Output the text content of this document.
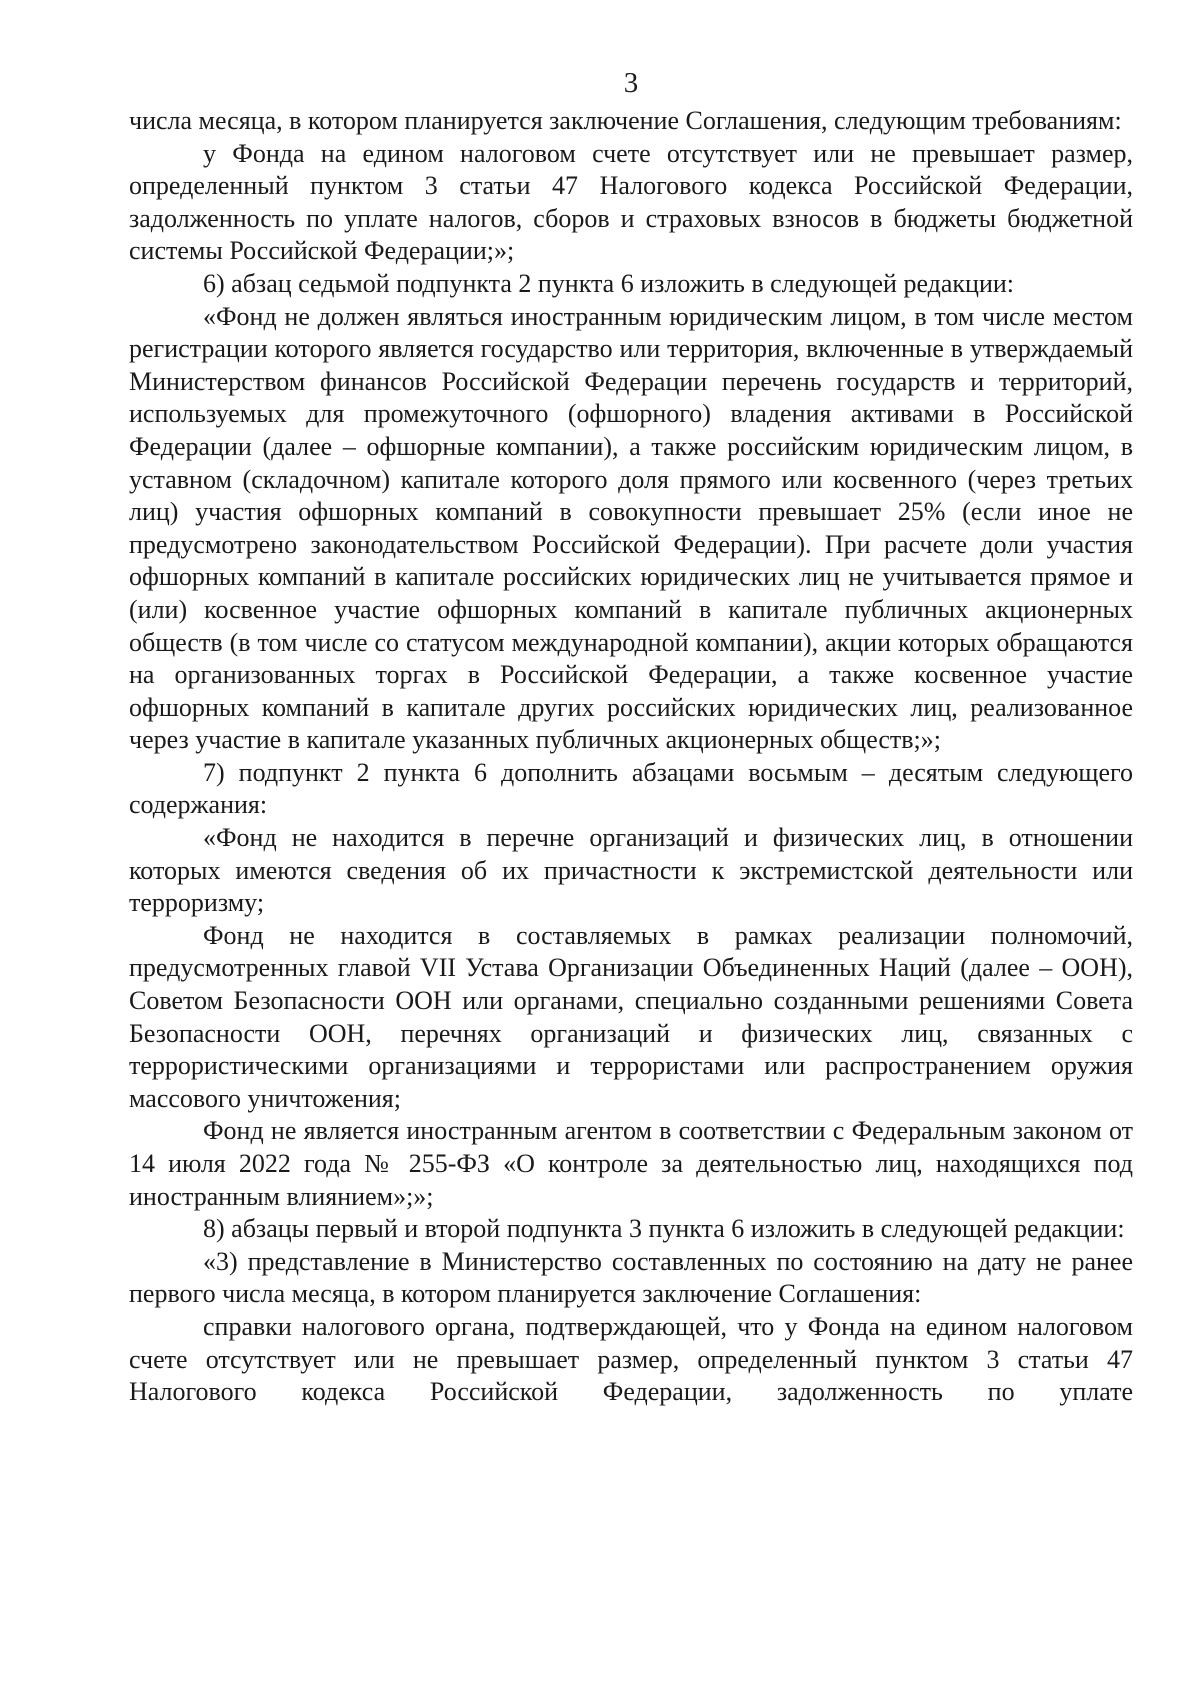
3

числа месяца, в котором планируется заключение Соглашения, следующим требованиям:

у Фонда на едином налоговом счете отсутствует или не превышает размер, определенный пунктом 3 статьи 47 Налогового кодекса Российской Федерации, задолженность по уплате налогов, сборов и страховых взносов в бюджеты бюджетной системы Российской Федерации;»;

6) абзац седьмой подпункта 2 пункта 6 изложить в следующей редакции:

«Фонд не должен являться иностранным юридическим лицом, в том числе местом регистрации которого является государство или территория, включенные в утверждаемый Министерством финансов Российской Федерации перечень государств и территорий, используемых для промежуточного (офшорного) владения активами в Российской Федерации (далее – офшорные компании), а также российским юридическим лицом, в уставном (складочном) капитале которого доля прямого или косвенного (через третьих лиц) участия офшорных компаний в совокупности превышает 25% (если иное не предусмотрено законодательством Российской Федерации). При расчете доли участия офшорных компаний в капитале российских юридических лиц не учитывается прямое и (или) косвенное участие офшорных компаний в капитале публичных акционерных обществ (в том числе со статусом международной компании), акции которых обращаются на организованных торгах в Российской Федерации, а также косвенное участие офшорных компаний в капитале других российских юридических лиц, реализованное через участие в капитале указанных публичных акционерных обществ;»;

7) подпункт 2 пункта 6 дополнить абзацами восьмым – десятым следующего содержания:

«Фонд не находится в перечне организаций и физических лиц, в отношении которых имеются сведения об их причастности к экстремистской деятельности или терроризму;

Фонд не находится в составляемых в рамках реализации полномочий, предусмотренных главой VII Устава Организации Объединенных Наций (далее – ООН), Советом Безопасности ООН или органами, специально созданными решениями Совета Безопасности ООН, перечнях организаций и физических лиц, связанных с террористическими организациями и террористами или распространением оружия массового уничтожения;

Фонд не является иностранным агентом в соответствии с Федеральным законом от 14 июля 2022 года № 255-ФЗ «О контроле за деятельностью лиц, находящихся под иностранным влиянием»;»;

8) абзацы первый и второй подпункта 3 пункта 6 изложить в следующей редакции:

«3) представление в Министерство составленных по состоянию на дату не ранее первого числа месяца, в котором планируется заключение Соглашения:

справки налогового органа, подтверждающей, что у Фонда на едином налоговом счете отсутствует или не превышает размер, определенный пунктом 3 статьи 47 Налогового кодекса Российской Федерации, задолженность по уплате
